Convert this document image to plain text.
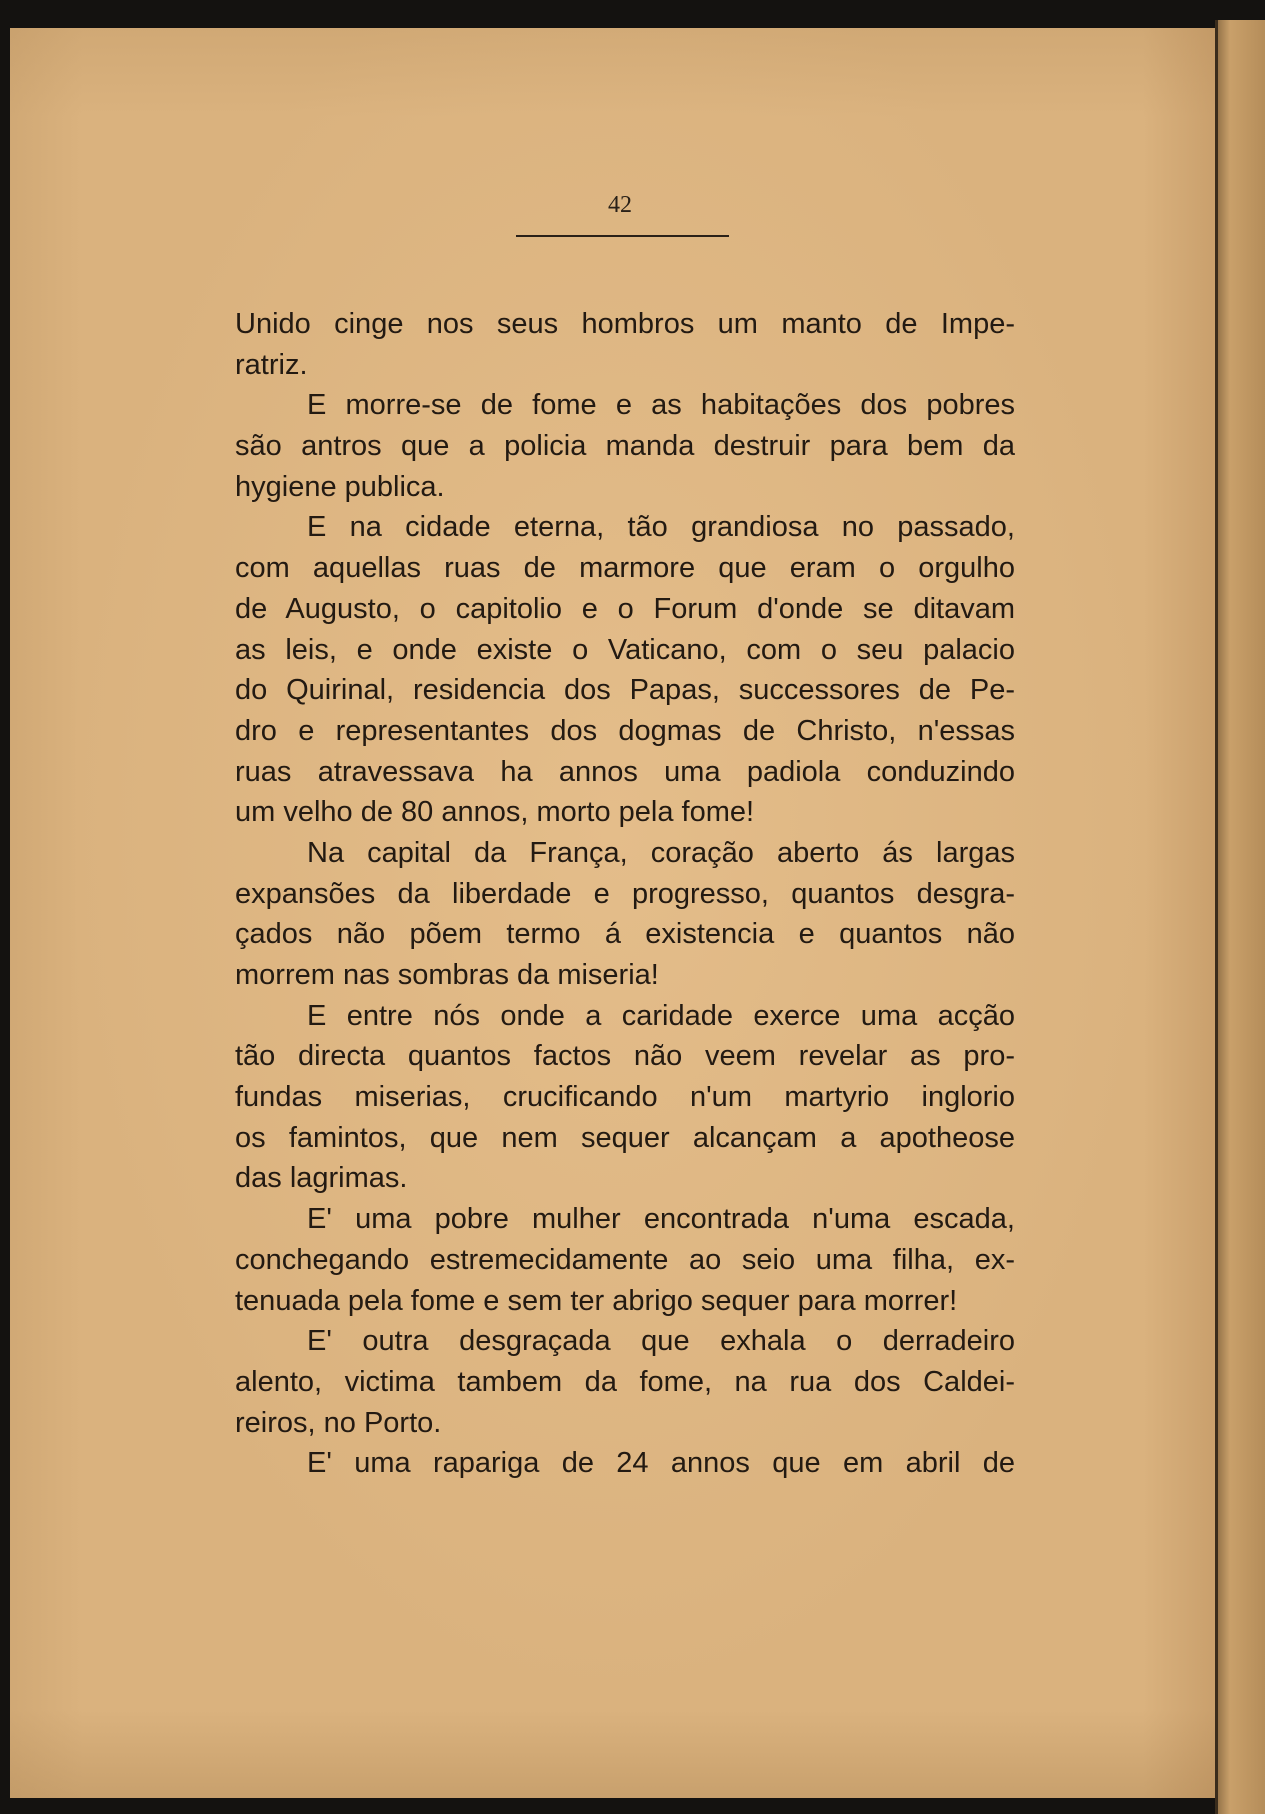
42
Unido cinge nos seus hombros um manto de Impe-
ratriz.
E morre-se de fome e as habitações dos pobres
são antros que a policia manda destruir para bem da
hygiene publica.
E na cidade eterna, tão grandiosa no passado,
com aquellas ruas de marmore que eram o orgulho
de Augusto, o capitolio e o Forum d'onde se ditavam
as leis, e onde existe o Vaticano, com o seu palacio
do Quirinal, residencia dos Papas, successores de Pe-
dro e representantes dos dogmas de Christo, n'essas
ruas atravessava ha annos uma padiola conduzindo
um velho de 80 annos, morto pela fome!
Na capital da França, coração aberto ás largas
expansões da liberdade e progresso, quantos desgra-
çados não põem termo á existencia e quantos não
morrem nas sombras da miseria!
E entre nós onde a caridade exerce uma acção
tão directa quantos factos não veem revelar as pro-
fundas miserias, crucificando n'um martyrio inglorio
os famintos, que nem sequer alcançam a apotheose
das lagrimas.
E' uma pobre mulher encontrada n'uma escada,
conchegando estremecidamente ao seio uma filha, ex-
tenuada pela fome e sem ter abrigo sequer para morrer!
E' outra desgraçada que exhala o derradeiro
alento, victima tambem da fome, na rua dos Caldei-
reiros, no Porto.
E' uma rapariga de 24 annos que em abril de
